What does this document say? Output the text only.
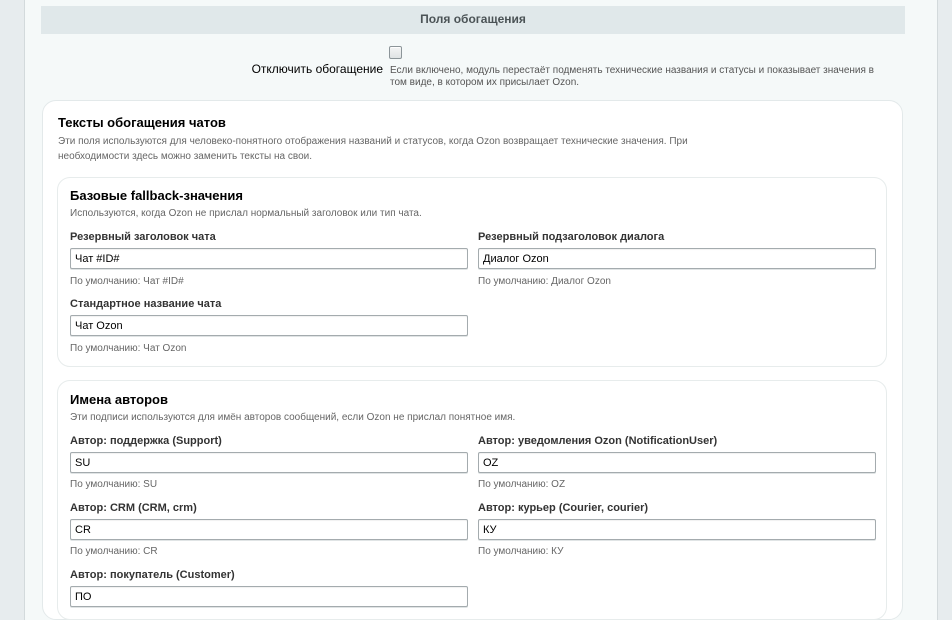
Поля обогащения
Отключить обогащение Если включено, модуль перестаёт подменять технические названия и статусы и показывает значения в том виде, в котором их присылает Ozon.
Тексты обогащения чатов
Эти поля используются для человеко-понятного отображения названий и статусов, когда Ozon возвращает технические значения. При необходимости здесь можно заменить тексты на свои.
Базовые fallback-значения
Используются, когда Ozon не прислал нормальный заголовок или тип чата.
Резервный заголовок чата
Чат #ID#
По умолчанию: Чат #ID#
Резервный подзаголовок диалога
Диалог Ozon
По умолчанию: Диалог Ozon
Стандартное название чата
Чат Ozon
По умолчанию: Чат Ozon
Имена авторов
Эти подписи используются для имён авторов сообщений, если Ozon не прислал понятное имя.
Автор: поддержка (Support)
SU
По умолчанию: SU
Автор: уведомления Ozon (NotificationUser)
OZ
По умолчанию: OZ
Автор: CRM (CRM, crm)
CR
По умолчанию: CR
Автор: курьер (Courier, courier)
КУ
По умолчанию: КУ
Автор: покупатель (Customer)
ПО
